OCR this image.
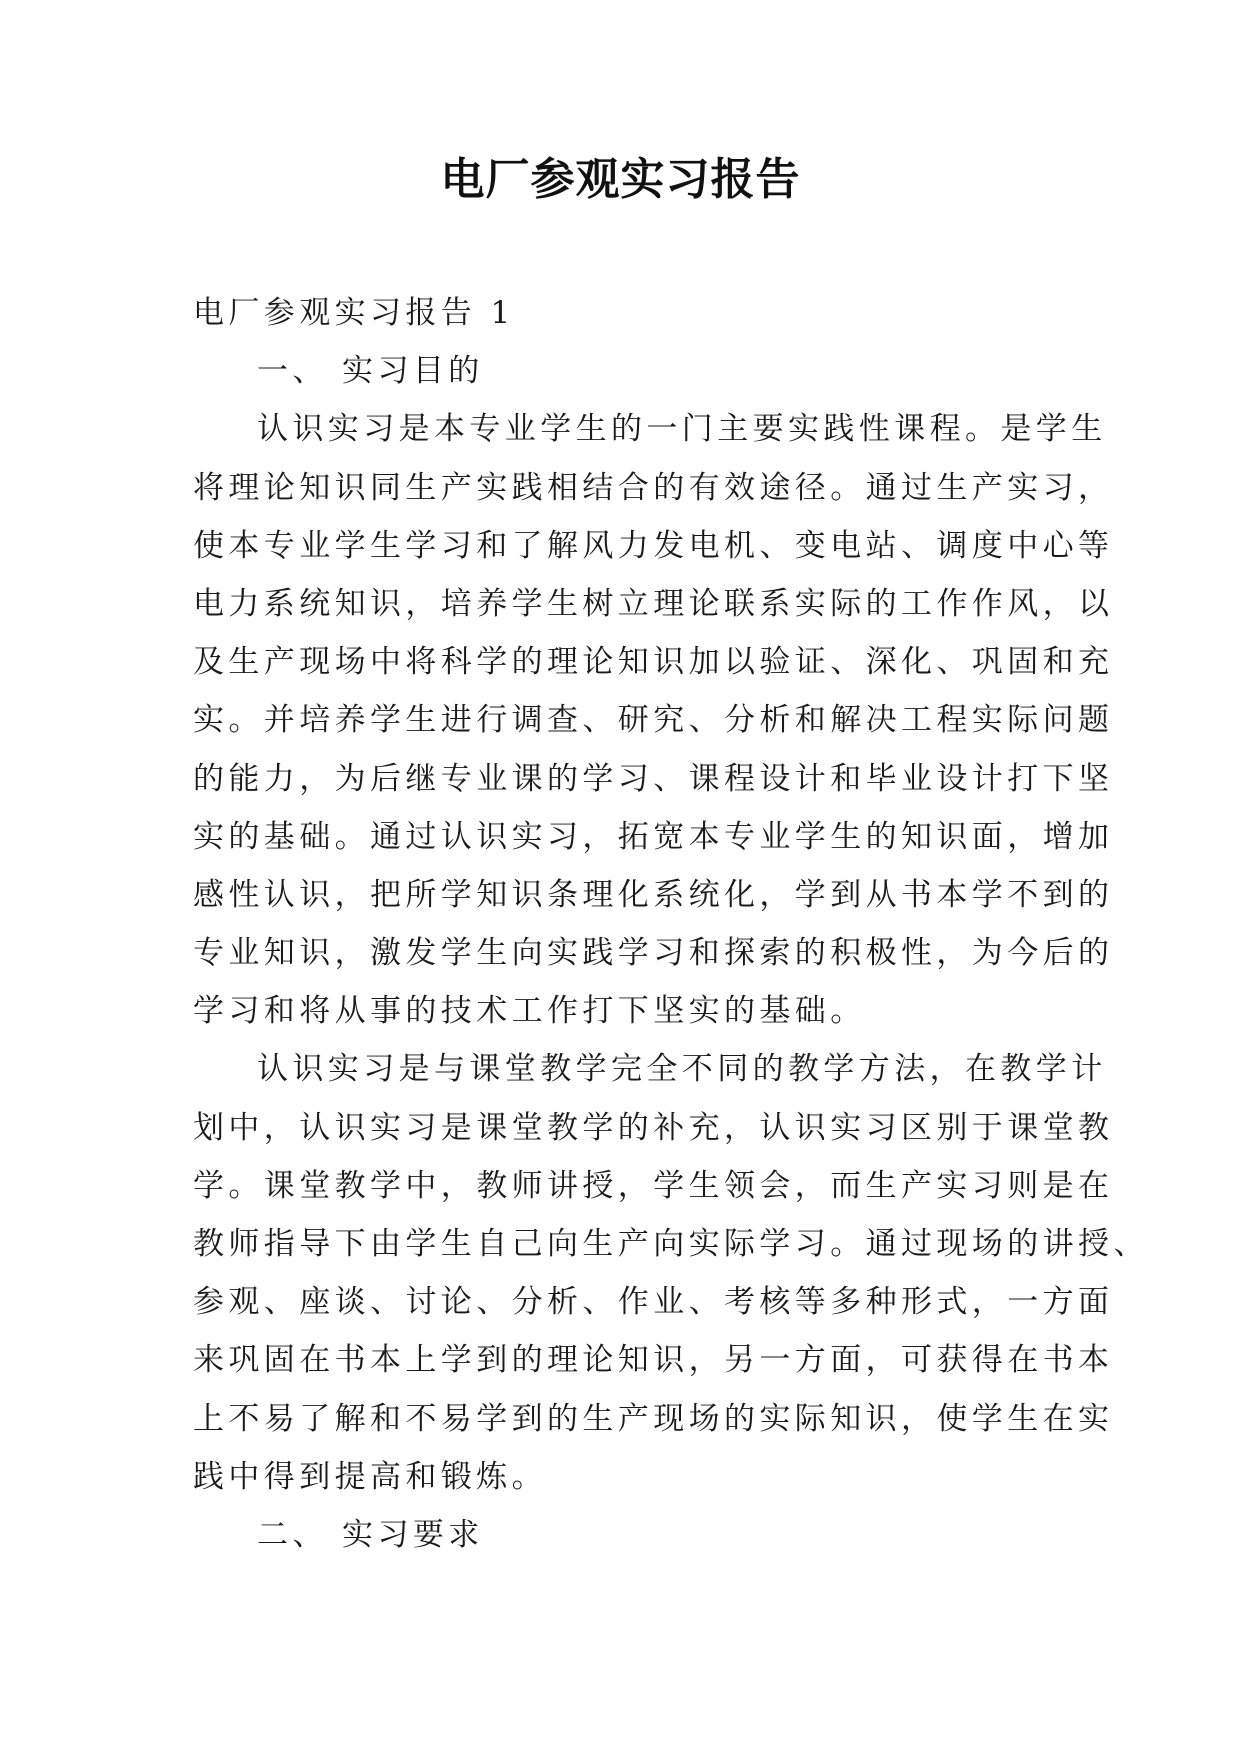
电厂参观实习报告
电厂参观实习报告 1
一、 实习目的
认识实习是本专业学生的一门主要实践性课程。是学生
将理论知识同生产实践相结合的有效途径。通过生产实习，
使本专业学生学习和了解风力发电机、变电站、调度中心等
电力系统知识，培养学生树立理论联系实际的工作作风，以
及生产现场中将科学的理论知识加以验证、深化、巩固和充
实。并培养学生进行调查、研究、分析和解决工程实际问题
的能力，为后继专业课的学习、课程设计和毕业设计打下坚
实的基础。通过认识实习，拓宽本专业学生的知识面，增加
感性认识，把所学知识条理化系统化，学到从书本学不到的
专业知识，激发学生向实践学习和探索的积极性，为今后的
学习和将从事的技术工作打下坚实的基础。
认识实习是与课堂教学完全不同的教学方法，在教学计
划中，认识实习是课堂教学的补充，认识实习区别于课堂教
学。课堂教学中，教师讲授，学生领会，而生产实习则是在
教师指导下由学生自己向生产向实际学习。通过现场的讲授、
参观、座谈、讨论、分析、作业、考核等多种形式，一方面
来巩固在书本上学到的理论知识，另一方面，可获得在书本
上不易了解和不易学到的生产现场的实际知识，使学生在实
践中得到提高和锻炼。
二、 实习要求
